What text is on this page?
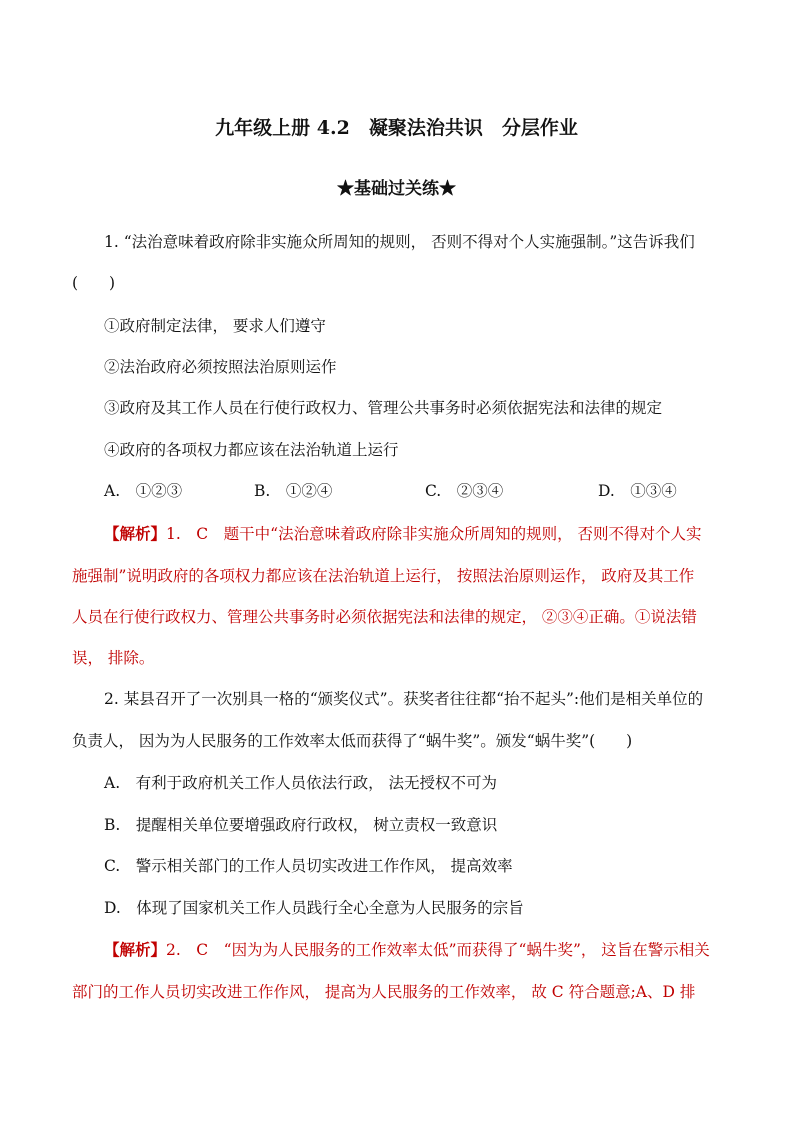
九年级上册 4.2　凝聚法治共识　分层作业
★基础过关练★
1. “法治意味着政府除非实施众所周知的规则， 否则不得对个人实施强制。”这告诉我们
(　　)
①政府制定法律， 要求人们遵守
②法治政府必须按照法治原则运作
③政府及其工作人员在行使行政权力、管理公共事务时必须依据宪法和法律的规定
④政府的各项权力都应该在法治轨道上运行
A.　①②③	B.　①②④	C.　②③④	D.　①③④
【解析】1.　C　题干中“法治意味着政府除非实施众所周知的规则， 否则不得对个人实
施强制”说明政府的各项权力都应该在法治轨道上运行， 按照法治原则运作， 政府及其工作
人员在行使行政权力、管理公共事务时必须依据宪法和法律的规定， ②③④正确。①说法错
误， 排除。
2. 某县召开了一次别具一格的“颁奖仪式”。获奖者往往都“抬不起头”:他们是相关单位的
负责人， 因为为人民服务的工作效率太低而获得了“蜗牛奖”。颁发“蜗牛奖”(　　)
A.　有利于政府机关工作人员依法行政， 法无授权不可为
B.　提醒相关单位要增强政府行政权， 树立责权一致意识
C.　警示相关部门的工作人员切实改进工作作风， 提高效率
D.　体现了国家机关工作人员践行全心全意为人民服务的宗旨
【解析】2.　C　“因为为人民服务的工作效率太低”而获得了“蜗牛奖”， 这旨在警示相关
部门的工作人员切实改进工作作风， 提高为人民服务的工作效率， 故 C 符合题意;A、D 排
